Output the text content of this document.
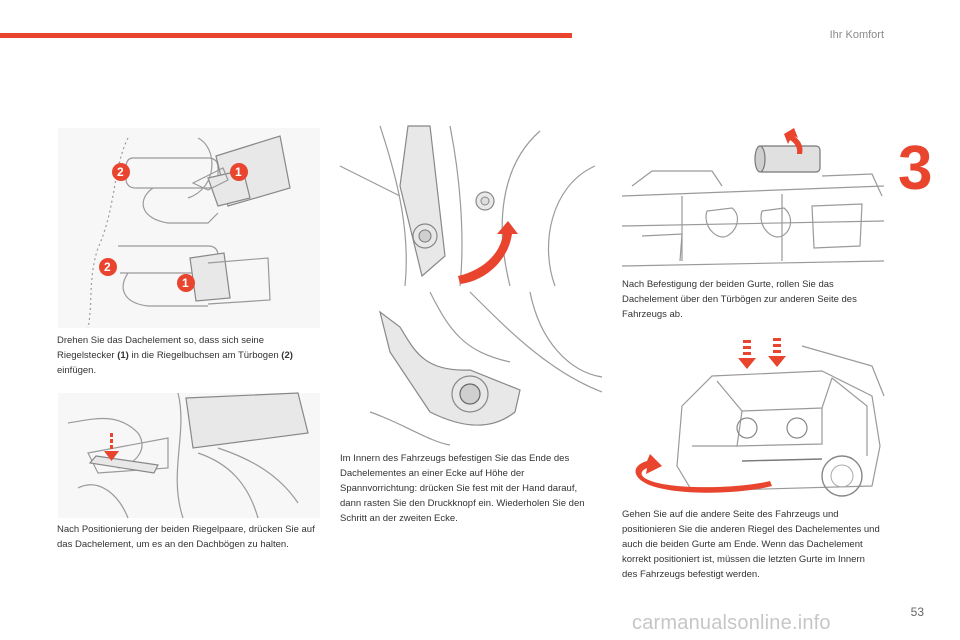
Ihr Komfort
3
2	1
2
1

Drehen Sie das Dachelement so, dass sich seine Riegelstecker (1) in die Riegelbuchsen am Türbogen (2) einfügen.

Nach Positionierung der beiden Riegelpaare, drücken Sie auf das Dachelement, um es an den Dachbögen zu halten.

Im Innern des Fahrzeugs befestigen Sie das Ende des Dachelementes an einer Ecke auf Höhe der Spannvorrichtung: drücken Sie fest mit der Hand darauf, dann rasten Sie den Druckknopf ein. Wiederholen Sie den Schritt an der zweiten Ecke.

Nach Befestigung der beiden Gurte, rollen Sie das Dachelement über den Türbögen zur anderen Seite des Fahrzeugs ab.

Gehen Sie auf die andere Seite des Fahrzeugs und positionieren Sie die anderen Riegel des Dachelementes und auch die beiden Gurte am Ende. Wenn das Dachelement korrekt positioniert ist, müssen die letzten Gurte im Innern des Fahrzeugs befestigt werden.

carmanualsonline.info	53
